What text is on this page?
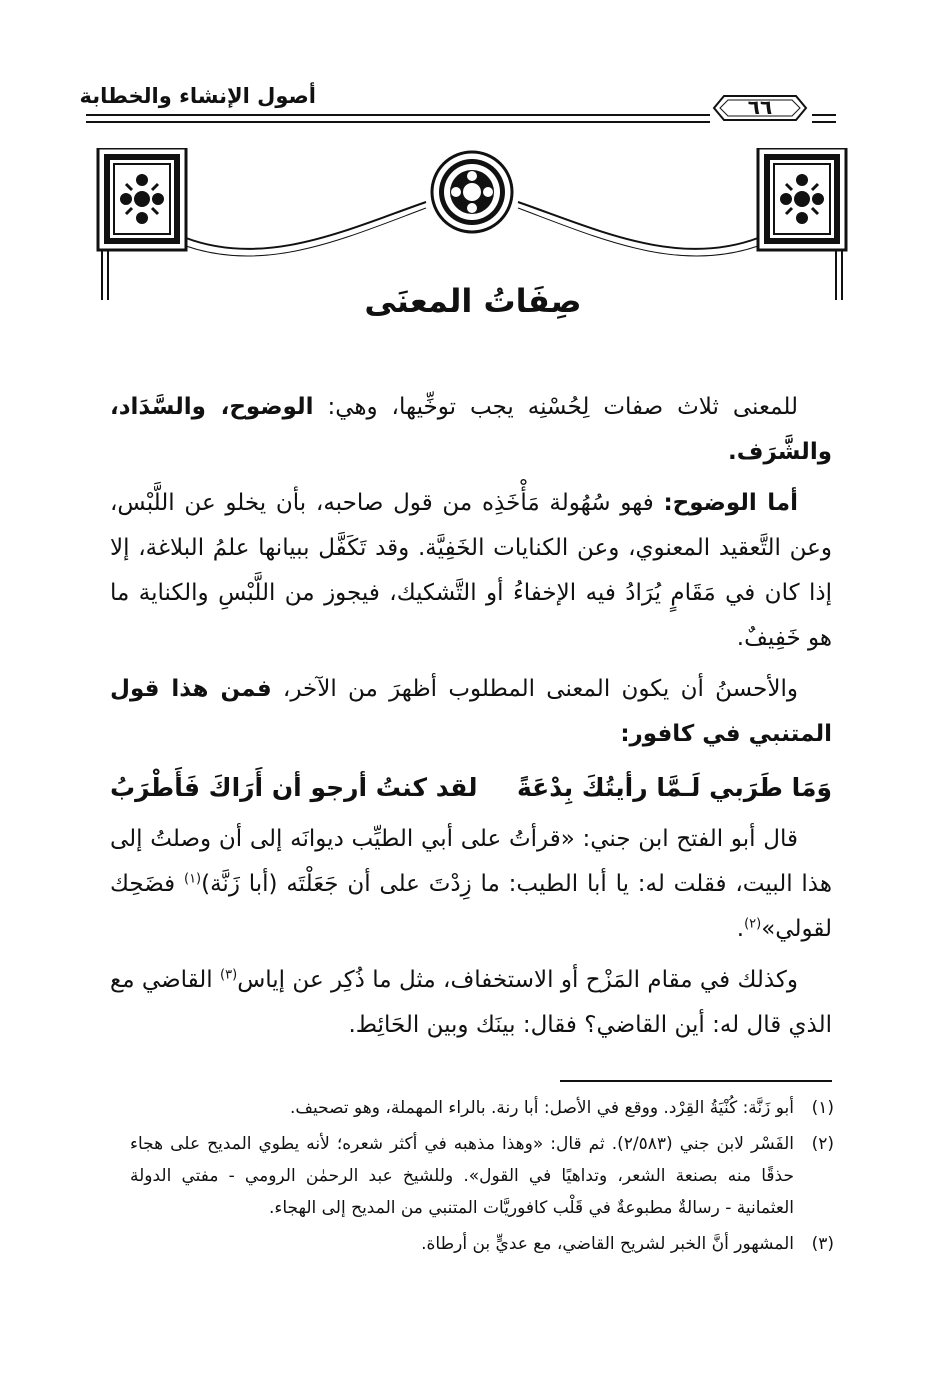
أصول الإنشاء والخطابة	٦٦
صِفَاتُ المعنَى

للمعنى ثلاث صفات لِحُسْنِه يجب توخِّيها، وهي: الوضوح، والسَّدَاد، والشَّرَف.

أما الوضوح: فهو سُهُولة مَأْخَذِه من قول صاحبه، بأن يخلو عن اللَّبْس، وعن التَّعقيد المعنوي، وعن الكنايات الخَفِيَّة. وقد تَكَفَّل ببيانها علمُ البلاغة، إلا إذا كان في مَقَامٍ يُرَادُ فيه الإخفاءُ أو التَّشكيك، فيجوز من اللَّبْسِ والكناية ما هو خَفِيفٌ.

والأحسنُ أن يكون المعنى المطلوب أظهرَ من الآخر، فمن هذا قول المتنبي في كافور:

وَمَا طَرَبي لَـمَّا رأيتُكَ بِدْعَةً
لقد كنتُ أرجو أن أَرَاكَ فَأَطْرَبُ

قال أبو الفتح ابن جني: «قرأتُ على أبي الطيِّب ديوانَه إلى أن وصلتُ إلى هذا البيت، فقلت له: يا أبا الطيب: ما زِدْتَ على أن جَعَلْتَه (أبا زَنَّة)$^{(١)}$ فضَحِك لقولي»$^{(٢)}$.

وكذلك في مقام المَزْح أو الاستخفاف، مثل ما ذُكِر عن إياس$^{(٣)}$ القاضي مع الذي قال له: أين القاضي؟ فقال: بينَك وبين الحَائِط.

(١)
أبو زَنَّة: كُنْيَةُ القِرْد. ووقع في الأصل: أبا رنة. بالراء المهملة، وهو تصحيف.
(٢)
الفَسْر لابن جني (٢/٥٨٣). ثم قال: «وهذا مذهبه في أكثر شعره؛ لأنه يطوي المديح على هجاء حذقًا منه بصنعة الشعر، وتداهيًا في القول». وللشيخ عبد الرحمٰن الرومي - مفتي الدولة العثمانية - رسالةٌ مطبوعةٌ في قَلْب كافوريَّات المتنبي من المديح إلى الهجاء.
(٣)
المشهور أنَّ الخبر لشريح القاضي، مع عديٍّ بن أرطاة.
